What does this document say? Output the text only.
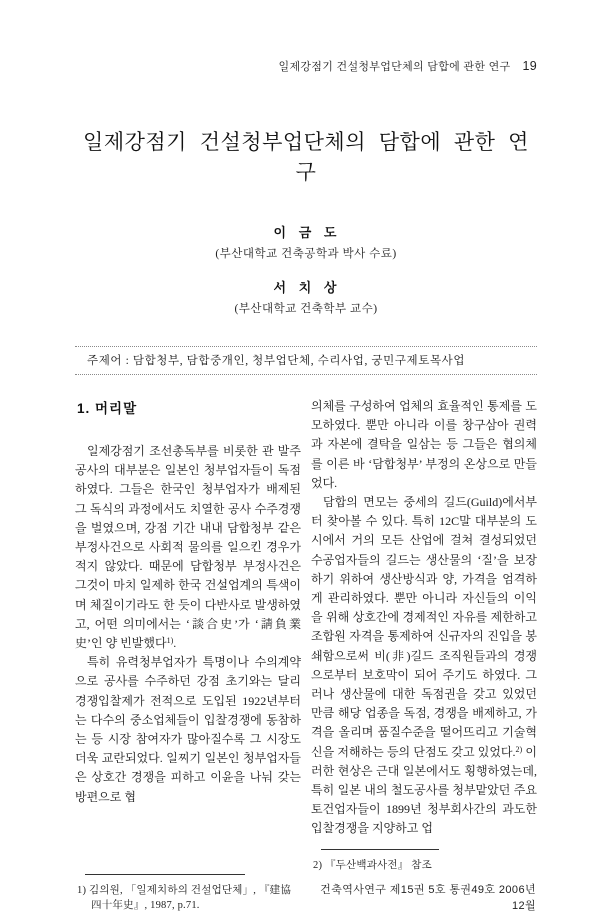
일제강점기 건설청부업단체의 담합에 관한 연구 19
일제강점기 건설청부업단체의 담합에 관한 연구
이 금 도
(부산대학교 건축공학과 박사 수료)
서 치 상
(부산대학교 건축학부 교수)
주제어 : 담합청부, 담합중개인, 청부업단체, 수리사업, 궁민구제토목사업
1. 머리말

일제강점기 조선총독부를 비롯한 관 발주 공사의 대부분은 일본인 청부업자들이 독점하였다. 그들은 한국인 청부업자가 배제된 그 독식의 과정에서도 치열한 공사 수주경쟁을 벌였으며, 강점 기간 내내 담합청부 같은 부정사건으로 사회적 물의를 일으킨 경우가 적지 않았다. 때문에 담합청부 부정사건은 그것이 마치 일제하 한국 건설업계의 특색이며 체질이기라도 한 듯이 다반사로 발생하였고, 어떤 의미에서는 ‘談合史’가 ‘請負業史’인 양 빈발했다$^{1)}$.

특히 유력청부업자가 특명이나 수의계약으로 공사를 수주하던 강점 초기와는 달리 경쟁입찰제가 전적으로 도입된 1922년부터는 다수의 중소업체들이 입찰경쟁에 동참하는 등 시장 참여자가 많아질수록 그 시장도 더욱 교란되었다. 일찌기 일본인 청부업자들은 상호간 경쟁을 피하고 이윤을 나눠 갖는 방편으로 협

1) 김의원, 「일제치하의 건설업단체」, 『建協四十年史』, 1987, p.71.

의체를 구성하여 업체의 효율적인 통제를 도모하였다. 뿐만 아니라 이를 창구삼아 권력과 자본에 결탁을 일삼는 등 그들은 협의체를 이른 바 ‘담합청부’ 부정의 온상으로 만들었다.

담합의 면모는 중세의 길드(Guild)에서부터 찾아볼 수 있다. 특히 12C말 대부분의 도시에서 거의 모든 산업에 걸쳐 결성되었던 수공업자들의 길드는 생산물의 ‘질’을 보장하기 위하여 생산방식과 양, 가격을 엄격하게 관리하였다. 뿐만 아니라 자신들의 이익을 위해 상호간에 경제적인 자유를 제한하고 조합원 자격을 통제하여 신규자의 진입을 봉쇄함으로써 비(非)길드 조직원들과의 경쟁으로부터 보호막이 되어 주기도 하였다. 그러나 생산물에 대한 독점권을 갖고 있었던 만큼 해당 업종을 독점, 경쟁을 배제하고, 가격을 올리며 품질수준을 떨어뜨리고 기술혁신을 저해하는 등의 단점도 갖고 있었다.$^{2)}$ 이러한 현상은 근대 일본에서도 횡행하였는데, 특히 일본 내의 철도공사를 청부맡았던 주요 토건업자들이 1899년 청부회사간의 과도한 입찰경쟁을 지양하고 업

2) 『두산백과사전』 참조
건축역사연구 제15권 5호 통권49호 2006년 12월
